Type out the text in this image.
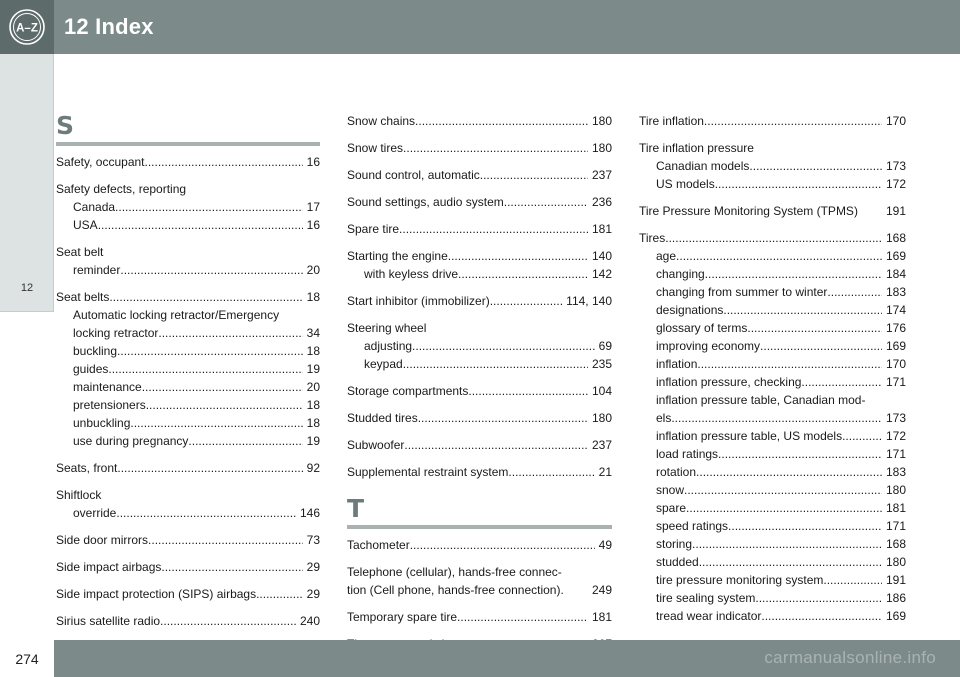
A–Z 12 Index
12
S
Safety, occupant .....	16
Safety defects, reporting
Canada .....	17
USA .....	16
Seat belt
reminder .....	20
Seat belts .....	18
Automatic locking retractor/Emergency
locking retractor .....	34
buckling .....	18
guides .....	19
maintenance .....	20
pretensioners .....	18
unbuckling .....	18
use during pregnancy .....	19
Seats, front .....	92
Shiftlock
override .....	146
Side door mirrors .....	73
Side impact airbags .....	29
Side impact protection (SIPS) airbags .....	29
Sirius satellite radio .....	240
.....
Snow chains .....	180
Snow tires .....	180
Sound control, automatic .....	237
Sound settings, audio system .....	236
Spare tire .....	181
Starting the engine .....	140
with keyless drive .....	142
Start inhibitor (immobilizer) .....	114, 140
Steering wheel
adjusting .....	69
keypad .....	235
Storage compartments .....	104
Studded tires .....	180
Subwoofer .....	237
Supplemental restraint system .....	21
T
Tachometer .....	49
Telephone (cellular), hands-free connec-
tion (Cell phone, hands-free connection).	249
Temporary spare tire .....	181
.....
Tire inflation .....	170
Tire inflation pressure
Canadian models .....	173
US models .....	172
Tire Pressure Monitoring System (TPMS)	191
Tires .....	168
age .....	169
changing .....	184
changing from summer to winter .....	183
designations .....	174
glossary of terms .....	176
improving economy .....	169
inflation .....	170
inflation pressure, checking .....	171
inflation pressure table, Canadian mod-
els .....	173
inflation pressure table, US models .....	172
load ratings .....	171
rotation .....	183
snow .....	180
spare .....	181
speed ratings .....	171
storing .....	168
studded .....	180
tire pressure monitoring system .....	191
tire sealing system .....	186
tread wear indicator .....	169
274	carmanualsonline.info
